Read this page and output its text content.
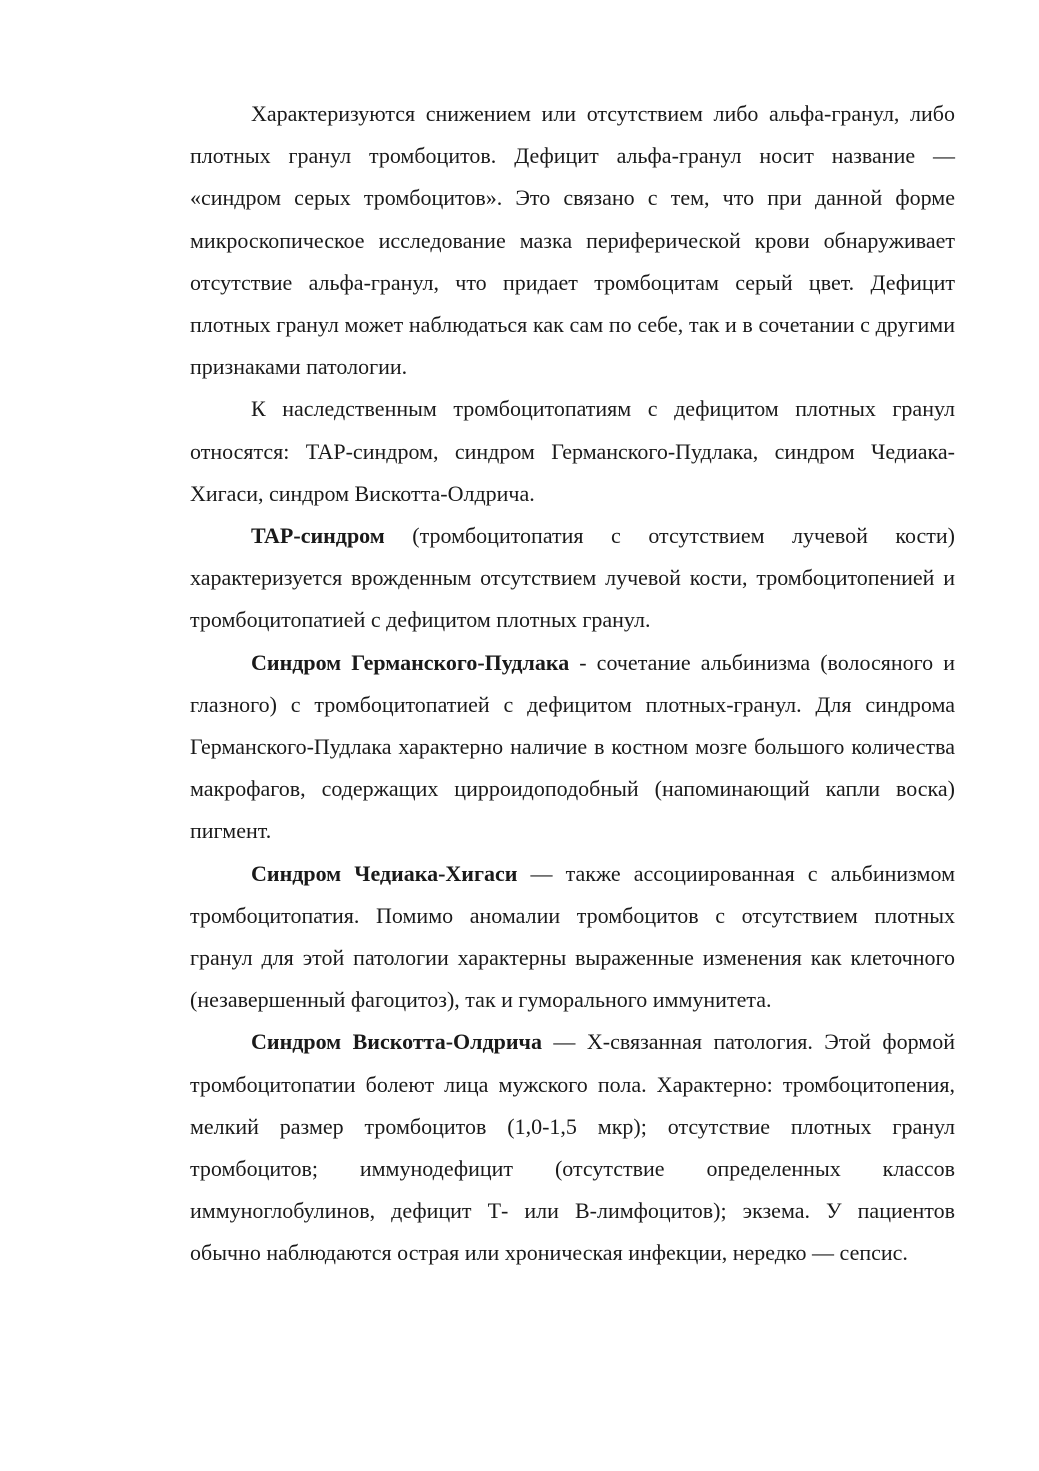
Характеризуются снижением или отсутствием либо альфа-гранул, либо плотных гранул тромбоцитов. Дефицит альфа-гранул носит название — «синдром серых тромбоцитов». Это связано с тем, что при данной форме микроскопическое исследование мазка периферической крови обнаруживает отсутствие альфа-гранул, что придает тромбоцитам серый цвет. Дефицит плотных гранул может наблюдаться как сам по себе, так и в сочетании с другими признаками патологии.

К наследственным тромбоцитопатиям с дефицитом плотных гранул относятся: TAP-синдром, синдром Германского-Пудлака, синдром Чедиака-Хигаси, синдром Вискотта-Олдрича.

TAP-синдром (тромбоцитопатия с отсутствием лучевой кости) характеризуется врожденным отсутствием лучевой кости, тромбоцитопенией и тромбоцитопатией с дефицитом плотных гранул.

Синдром Германского-Пудлака - сочетание альбинизма (волосяного и глазного) с тромбоцитопатией с дефицитом плотных-гранул. Для синдрома Германского-Пудлака характерно наличие в костном мозге большого количества макрофагов, содержащих цирроидоподобный (напоминающий капли воска) пигмент.

Синдром Чедиака-Хигаси — также ассоциированная с альбинизмом тромбоцитопатия. Помимо аномалии тромбоцитов с отсутствием плотных гранул для этой патологии характерны выраженные изменения как клеточного (незавершенный фагоцитоз), так и гуморального иммунитета.

Синдром Вискотта-Олдрича — Х-связанная патология. Этой формой тромбоцитопатии болеют лица мужского пола. Характерно: тромбоцитопения, мелкий размер тромбоцитов (1,0-1,5 мкр); отсутствие плотных гранул тромбоцитов; иммунодефицит (отсутствие определенных классов иммуноглобулинов, дефицит Т- или В-лимфоцитов); экзема. У пациентов обычно наблюдаются острая или хроническая инфекции, нередко — сепсис.
